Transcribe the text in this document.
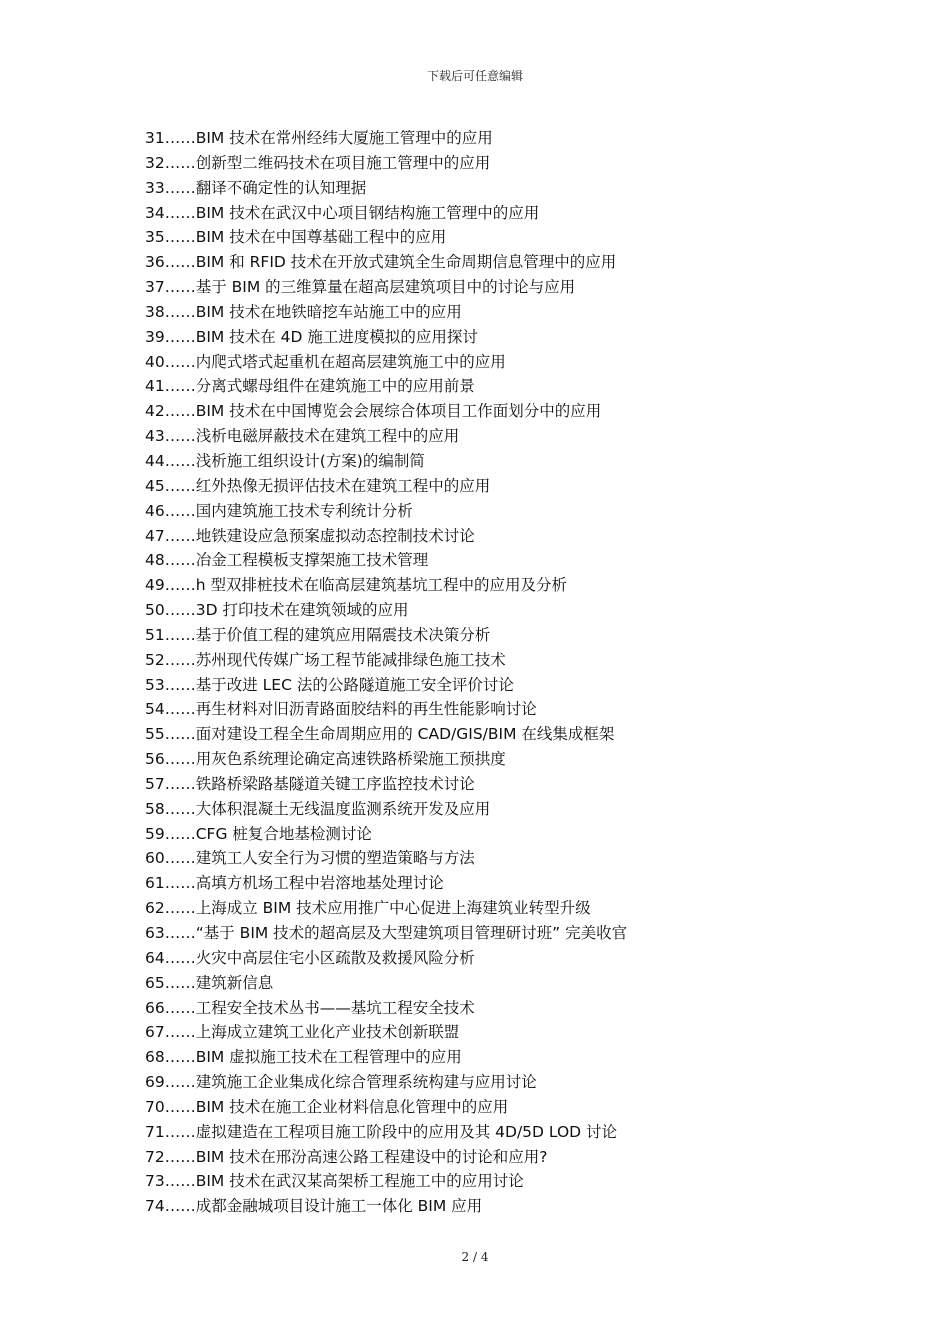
下载后可任意编辑
31……BIM 技术在常州经纬大厦施工管理中的应用
32……创新型二维码技术在项目施工管理中的应用
33……翻译不确定性的认知理据
34……BIM 技术在武汉中心项目钢结构施工管理中的应用
35……BIM 技术在中国尊基础工程中的应用
36……BIM 和 RFID 技术在开放式建筑全生命周期信息管理中的应用
37……基于 BIM 的三维算量在超高层建筑项目中的讨论与应用
38……BIM 技术在地铁暗挖车站施工中的应用
39……BIM 技术在 4D 施工进度模拟的应用探讨
40……内爬式塔式起重机在超高层建筑施工中的应用
41……分离式螺母组件在建筑施工中的应用前景
42……BIM 技术在中国博览会会展综合体项目工作面划分中的应用
43……浅析电磁屏蔽技术在建筑工程中的应用
44……浅析施工组织设计(方案)的编制简
45……红外热像无损评估技术在建筑工程中的应用
46……国内建筑施工技术专利统计分析
47……地铁建设应急预案虚拟动态控制技术讨论
48……冶金工程模板支撑架施工技术管理
49……h 型双排桩技术在临高层建筑基坑工程中的应用及分析
50……3D 打印技术在建筑领域的应用
51……基于价值工程的建筑应用隔震技术决策分析
52……苏州现代传媒广场工程节能减排绿色施工技术
53……基于改进 LEC 法的公路隧道施工安全评价讨论
54……再生材料对旧沥青路面胶结料的再生性能影响讨论
55……面对建设工程全生命周期应用的 CAD/GIS/BIM 在线集成框架
56……用灰色系统理论确定高速铁路桥梁施工预拱度
57……铁路桥梁路基隧道关键工序监控技术讨论
58……大体积混凝土无线温度监测系统开发及应用
59……CFG 桩复合地基检测讨论
60……建筑工人安全行为习惯的塑造策略与方法
61……高填方机场工程中岩溶地基处理讨论
62……上海成立 BIM 技术应用推广中心促进上海建筑业转型升级
63……“基于 BIM 技术的超高层及大型建筑项目管理研讨班” 完美收官
64……火灾中高层住宅小区疏散及救援风险分析
65……建筑新信息
66……工程安全技术丛书——基坑工程安全技术
67……上海成立建筑工业化产业技术创新联盟
68……BIM 虚拟施工技术在工程管理中的应用
69……建筑施工企业集成化综合管理系统构建与应用讨论
70……BIM 技术在施工企业材料信息化管理中的应用
71……虚拟建造在工程项目施工阶段中的应用及其 4D/5D LOD 讨论
72……BIM 技术在邢汾高速公路工程建设中的讨论和应用?
73……BIM 技术在武汉某高架桥工程施工中的应用讨论
74……成都金融城项目设计施工一体化 BIM 应用
2 / 4
